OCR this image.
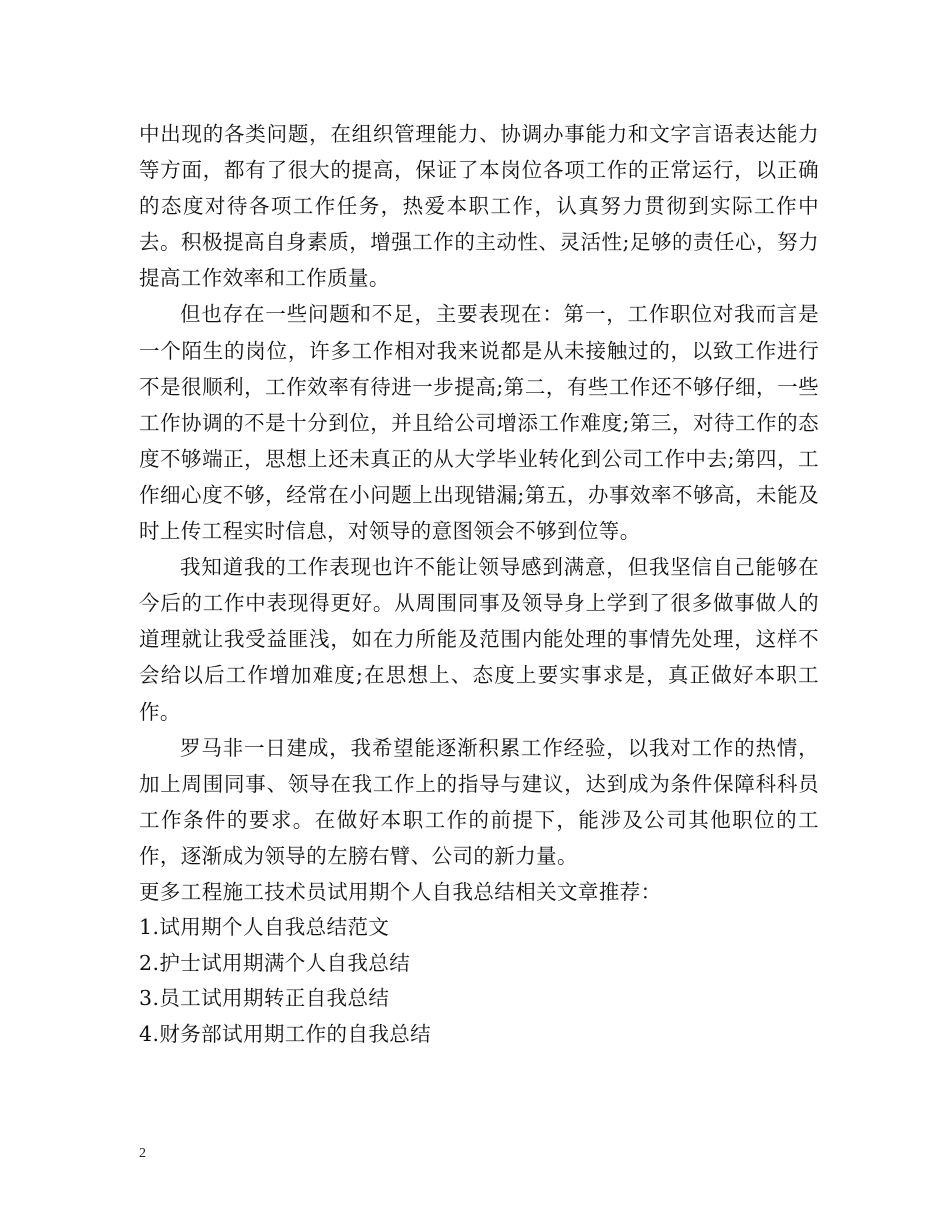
中出现的各类问题，在组织管理能力、协调办事能力和文字言语表达能力等方面，都有了很大的提高，保证了本岗位各项工作的正常运行，以正确的态度对待各项工作任务，热爱本职工作，认真努力贯彻到实际工作中去。积极提高自身素质，增强工作的主动性、灵活性;足够的责任心，努力提高工作效率和工作质量。

但也存在一些问题和不足，主要表现在：第一，工作职位对我而言是一个陌生的岗位，许多工作相对我来说都是从未接触过的，以致工作进行不是很顺利，工作效率有待进一步提高;第二，有些工作还不够仔细，一些工作协调的不是十分到位，并且给公司增添工作难度;第三，对待工作的态度不够端正，思想上还未真正的从大学毕业转化到公司工作中去;第四，工作细心度不够，经常在小问题上出现错漏;第五，办事效率不够高，未能及时上传工程实时信息，对领导的意图领会不够到位等。

我知道我的工作表现也许不能让领导感到满意，但我坚信自己能够在今后的工作中表现得更好。从周围同事及领导身上学到了很多做事做人的道理就让我受益匪浅，如在力所能及范围内能处理的事情先处理，这样不会给以后工作增加难度;在思想上、态度上要实事求是，真正做好本职工作。

罗马非一日建成，我希望能逐渐积累工作经验，以我对工作的热情，加上周围同事、领导在我工作上的指导与建议，达到成为条件保障科科员工作条件的要求。在做好本职工作的前提下，能涉及公司其他职位的工作，逐渐成为领导的左膀右臂、公司的新力量。

更多工程施工技术员试用期个人自我总结相关文章推荐：

1.试用期个人自我总结范文
2.护士试用期满个人自我总结
3.员工试用期转正自我总结
4.财务部试用期工作的自我总结
2
